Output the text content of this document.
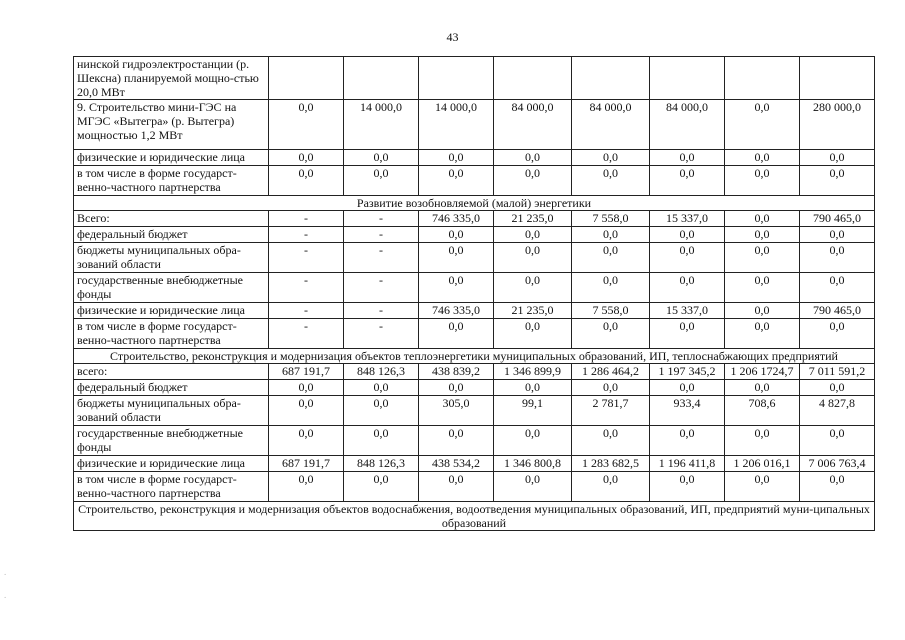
43
нинской гидроэлектростанции (р. Шексна) планируемой мощно-стью 20,0 МВт								
9. Строительство мини-ГЭС на МГЭС «Вытегра» (р. Вытегра) мощностью 1,2 МВт	0,0	14 000,0	14 000,0	84 000,0	84 000,0	84 000,0	0,0	280 000,0
физические и юридические лица	0,0	0,0	0,0	0,0	0,0	0,0	0,0	0,0
в том числе в форме государст-венно-частного партнерства	0,0	0,0	0,0	0,0	0,0	0,0	0,0	0,0
Развитие возобновляемой (малой) энергетики								
Всего:	-	-	746 335,0	21 235,0	7 558,0	15 337,0	0,0	790 465,0
федеральный бюджет	-	-	0,0	0,0	0,0	0,0	0,0	0,0
бюджеты муниципальных обра-зований области	-	-	0,0	0,0	0,0	0,0	0,0	0,0
государственные внебюджетные фонды	-	-	0,0	0,0	0,0	0,0	0,0	0,0
физические и юридические лица	-	-	746 335,0	21 235,0	7 558,0	15 337,0	0,0	790 465,0
в том числе в форме государст-венно-частного партнерства	-	-	0,0	0,0	0,0	0,0	0,0	0,0
Строительство, реконструкция и модернизация объектов теплоэнергетики муниципальных образований, ИП, теплоснабжающих предприятий								
всего:	687 191,7	848 126,3	438 839,2	1 346 899,9	1 286 464,2	1 197 345,2	1 206 1724,7	7 011 591,2
федеральный бюджет	0,0	0,0	0,0	0,0	0,0	0,0	0,0	0,0
бюджеты муниципальных обра-зований области	0,0	0,0	305,0	99,1	2 781,7	933,4	708,6	4 827,8
государственные внебюджетные фонды	0,0	0,0	0,0	0,0	0,0	0,0	0,0	0,0
физические и юридические лица	687 191,7	848 126,3	438 534,2	1 346 800,8	1 283 682,5	1 196 411,8	1 206 016,1	7 006 763,4
в том числе в форме государст-венно-частного партнерства	0,0	0,0	0,0	0,0	0,0	0,0	0,0	0,0
Строительство, реконструкция и модернизация объектов водоснабжения, водоотведения муниципальных образований, ИП, предприятий муни-ципальных образований								
.
.
